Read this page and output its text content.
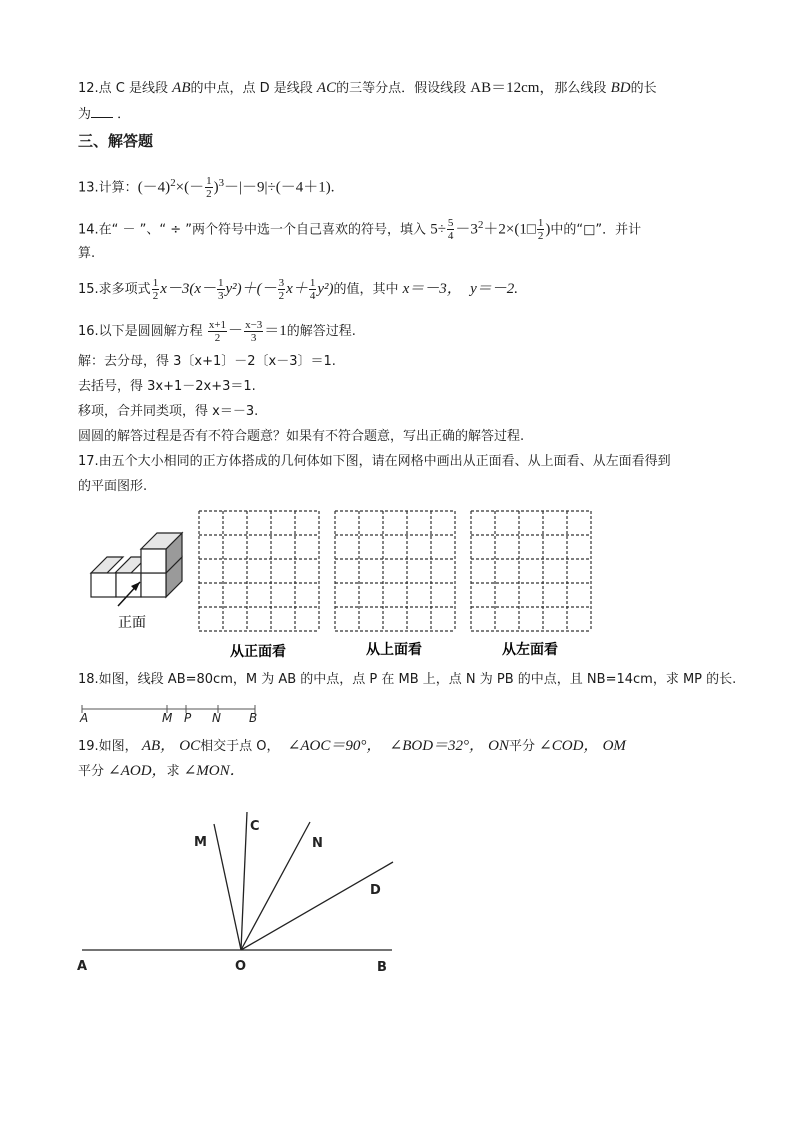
12.点 C 是线段 AB的中点，点 D 是线段 AC的三等分点．假设线段 AB＝12cm，那么线段 BD的长
为 ．
三、解答题
13.计算：$(-4)^2\times(- \frac{1}{2} )^3-|-9|\div(-4+1)$.
14.在“ － ”、“ ÷ ”两个符号中选一个自己喜欢的符号，填入 $5\div \frac{5}{4}$ $-3^2+2\times(1□ \frac{1}{2}$ )中的“□”．并计
算.
15.求多项式 $\frac{1}{2} x-3(x- \frac{1}{3} y^2)+(- \frac{3}{2} x+ \frac{1}{4} y^2)$的值，其中 x＝－3， y＝－2.
16.以下是圆圆解方程 $\frac{x+1}{2} - \frac{x-3}{3} =1$的解答过程.
解：去分母，得 3〔x+1〕－2〔x－3〕＝1.
去括号，得 3x+1－2x+3＝1.
移项，合并同类项，得 x＝－3.
圆圆的解答过程是否有不符合题意？如果有不符合题意，写出正确的解答过程.
17.由五个大小相同的正方体搭成的几何体如下图，请在网格中画出从正面看、从上面看、从左面看得到
的平面图形.
正面
从正面看	从上面看	从左面看
18.如图，线段 AB=80cm，M 为 AB 的中点，点 P 在 MB 上，点 N 为 PB 的中点，且 NB=14cm，求 MP 的长.
A	M P N B
19.如图， AB， OC相交于点 O， ∠AOC＝90°， ∠BOD＝32°， ON平分 ∠COD， OM
平分 ∠AOD，求 ∠MON．
M
C
N
D
A	O	B
